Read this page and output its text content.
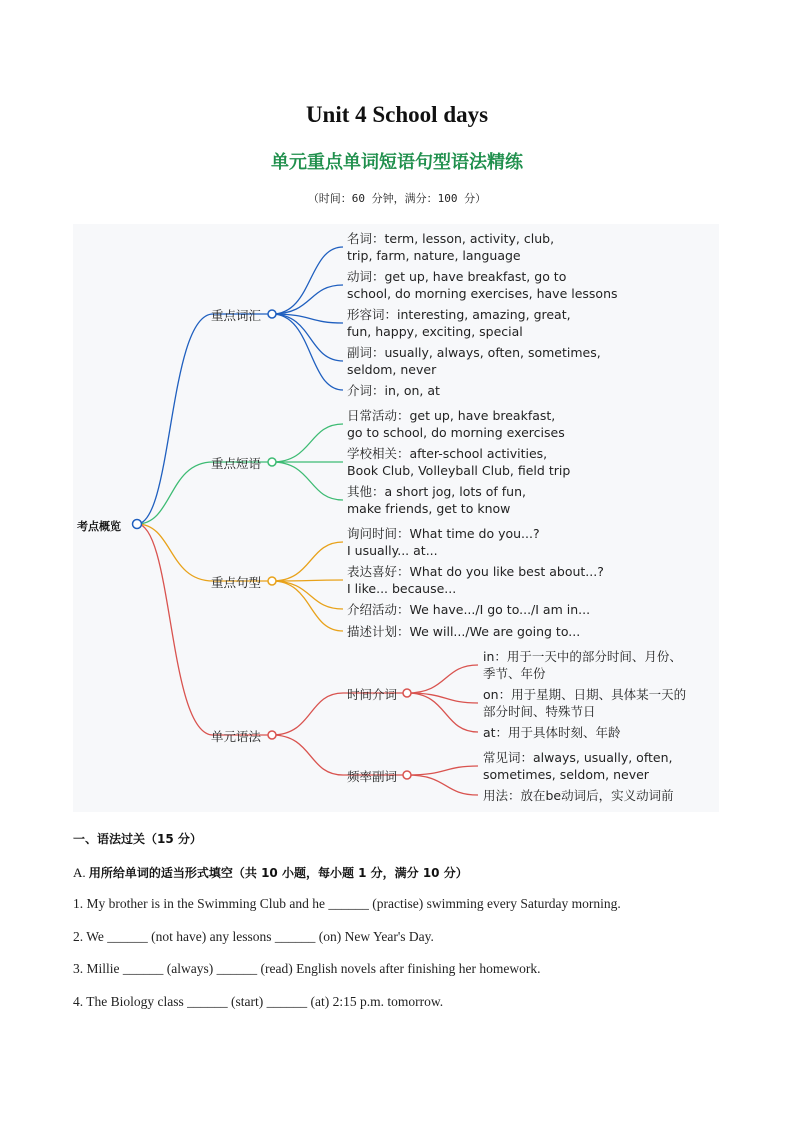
Unit 4 School days
单元重点单词短语句型语法精练
（时间：60 分钟，满分：100 分）
考点概览
重点词汇
重点短语
重点句型
单元语法
名词：term, lesson, activity, club,
trip, farm, nature, language
动词：get up, have breakfast, go to
school, do morning exercises, have lessons
形容词：interesting, amazing, great,
fun, happy, exciting, special
副词：usually, always, often, sometimes,
seldom, never
介词：in, on, at
日常活动：get up, have breakfast,
go to school, do morning exercises
学校相关：after-school activities,
Book Club, Volleyball Club, field trip
其他：a short jog, lots of fun,
make friends, get to know
询问时间：What time do you...?
I usually... at...
表达喜好：What do you like best about...?
I like... because...
介绍活动：We have.../I go to.../I am in...
描述计划：We will.../We are going to...
时间介词
频率副词
in：用于一天中的部分时间、月份、
季节、年份
on：用于星期、日期、具体某一天的
部分时间、特殊节日
at：用于具体时刻、年龄
常见词：always, usually, often,
sometimes, seldom, never
用法：放在be动词后，实义动词前
一、语法过关（15 分）
A. 用所给单词的适当形式填空（共 10 小题，每小题 1 分，满分 10 分）
1. My brother is in the Swimming Club and he ______ (practise) swimming every Saturday morning.
2. We ______ (not have) any lessons ______ (on) New Year's Day.
3. Millie ______ (always) ______ (read) English novels after finishing her homework.
4. The Biology class ______ (start) ______ (at) 2:15 p.m. tomorrow.
